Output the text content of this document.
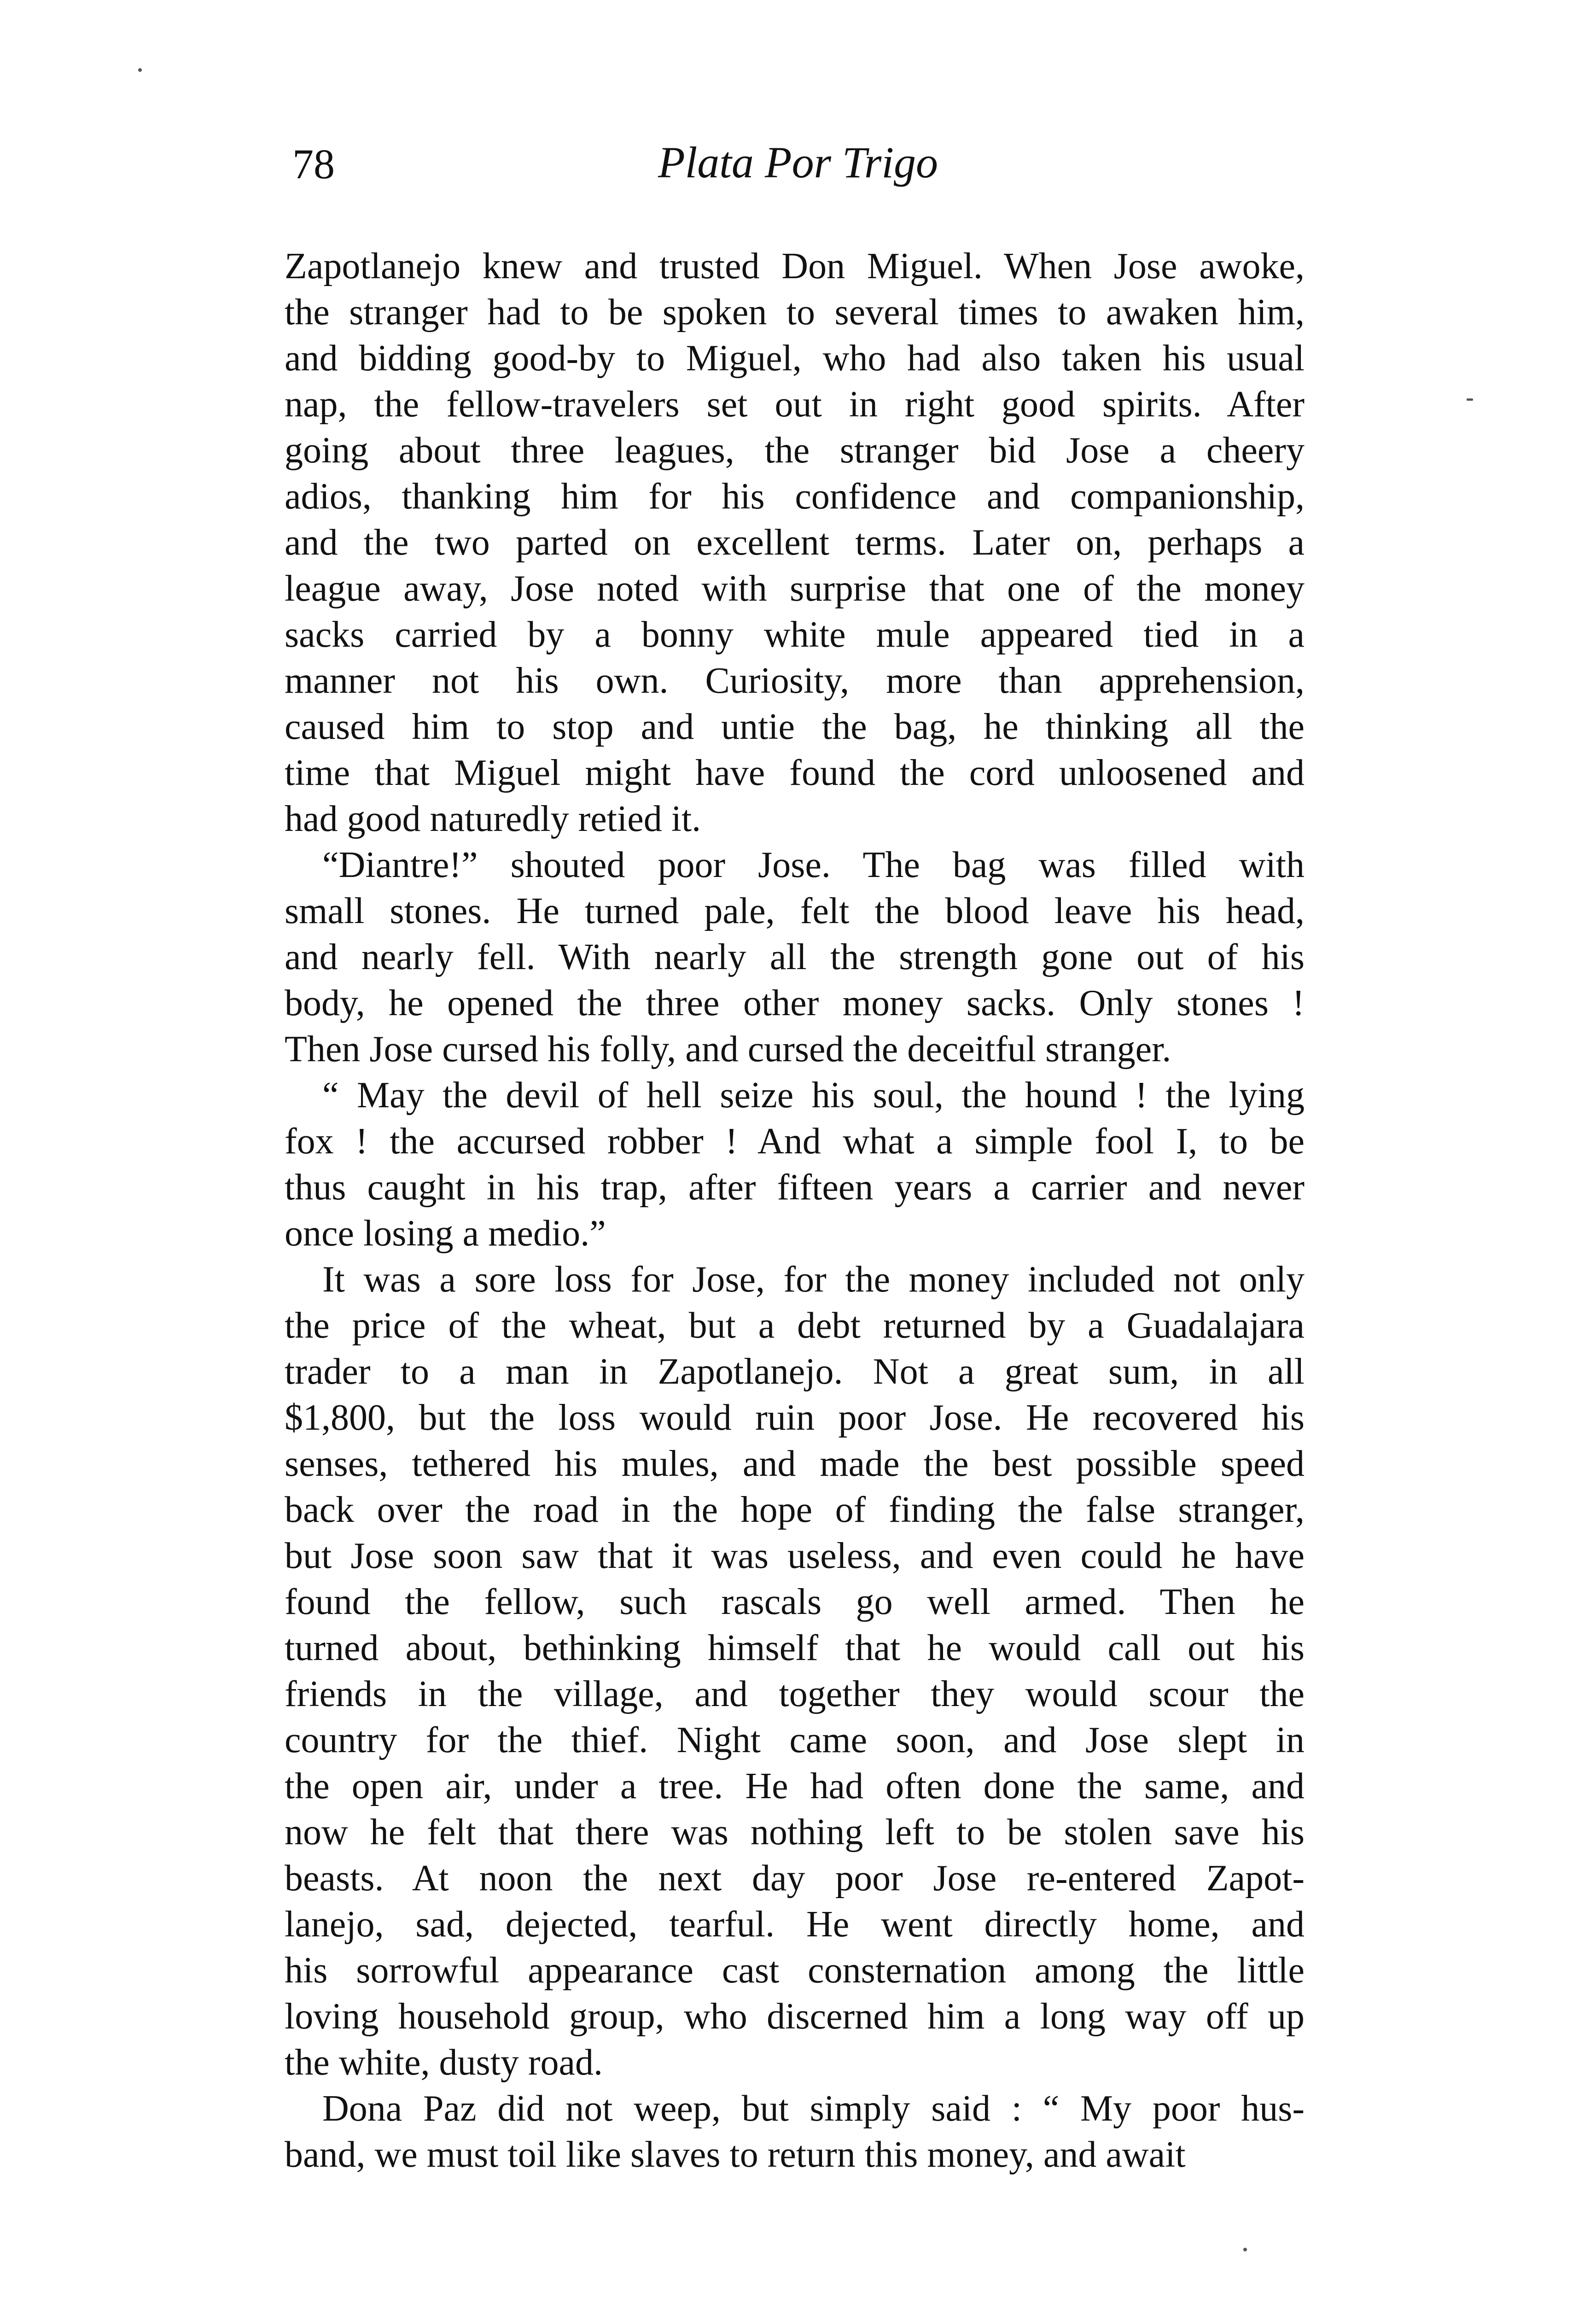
78	Plata Por Trigo

Zapotlanejo knew and trusted Don Miguel. When Jose awoke,
the stranger had to be spoken to several times to awaken him,
and bidding good-by to Miguel, who had also taken his usual
nap, the fellow-travelers set out in right good spirits. After
going about three leagues, the stranger bid Jose a cheery
adios, thanking him for his confidence and companionship,
and the two parted on excellent terms. Later on, perhaps a
league away, Jose noted with surprise that one of the money
sacks carried by a bonny white mule appeared tied in a
manner not his own. Curiosity, more than apprehension,
caused him to stop and untie the bag, he thinking all the
time that Miguel might have found the cord unloosened and
had good naturedly retied it.

“Diantre!” shouted poor Jose. The bag was filled with
small stones. He turned pale, felt the blood leave his head,
and nearly fell. With nearly all the strength gone out of his
body, he opened the three other money sacks. Only stones !
Then Jose cursed his folly, and cursed the deceitful stranger.

“ May the devil of hell seize his soul, the hound ! the lying
fox ! the accursed robber ! And what a simple fool I, to be
thus caught in his trap, after fifteen years a carrier and never
once losing a medio.”

It was a sore loss for Jose, for the money included not only
the price of the wheat, but a debt returned by a Guadalajara
trader to a man in Zapotlanejo. Not a great sum, in all
$1,800, but the loss would ruin poor Jose. He recovered his
senses, tethered his mules, and made the best possible speed
back over the road in the hope of finding the false stranger,
but Jose soon saw that it was useless, and even could he have
found the fellow, such rascals go well armed. Then he
turned about, bethinking himself that he would call out his
friends in the village, and together they would scour the
country for the thief. Night came soon, and Jose slept in
the open air, under a tree. He had often done the same, and
now he felt that there was nothing left to be stolen save his
beasts. At noon the next day poor Jose re-entered Zapot-
lanejo, sad, dejected, tearful. He went directly home, and
his sorrowful appearance cast consternation among the little
loving household group, who discerned him a long way off up
the white, dusty road.

Dona Paz did not weep, but simply said : “ My poor hus-
band, we must toil like slaves to return this money, and await
